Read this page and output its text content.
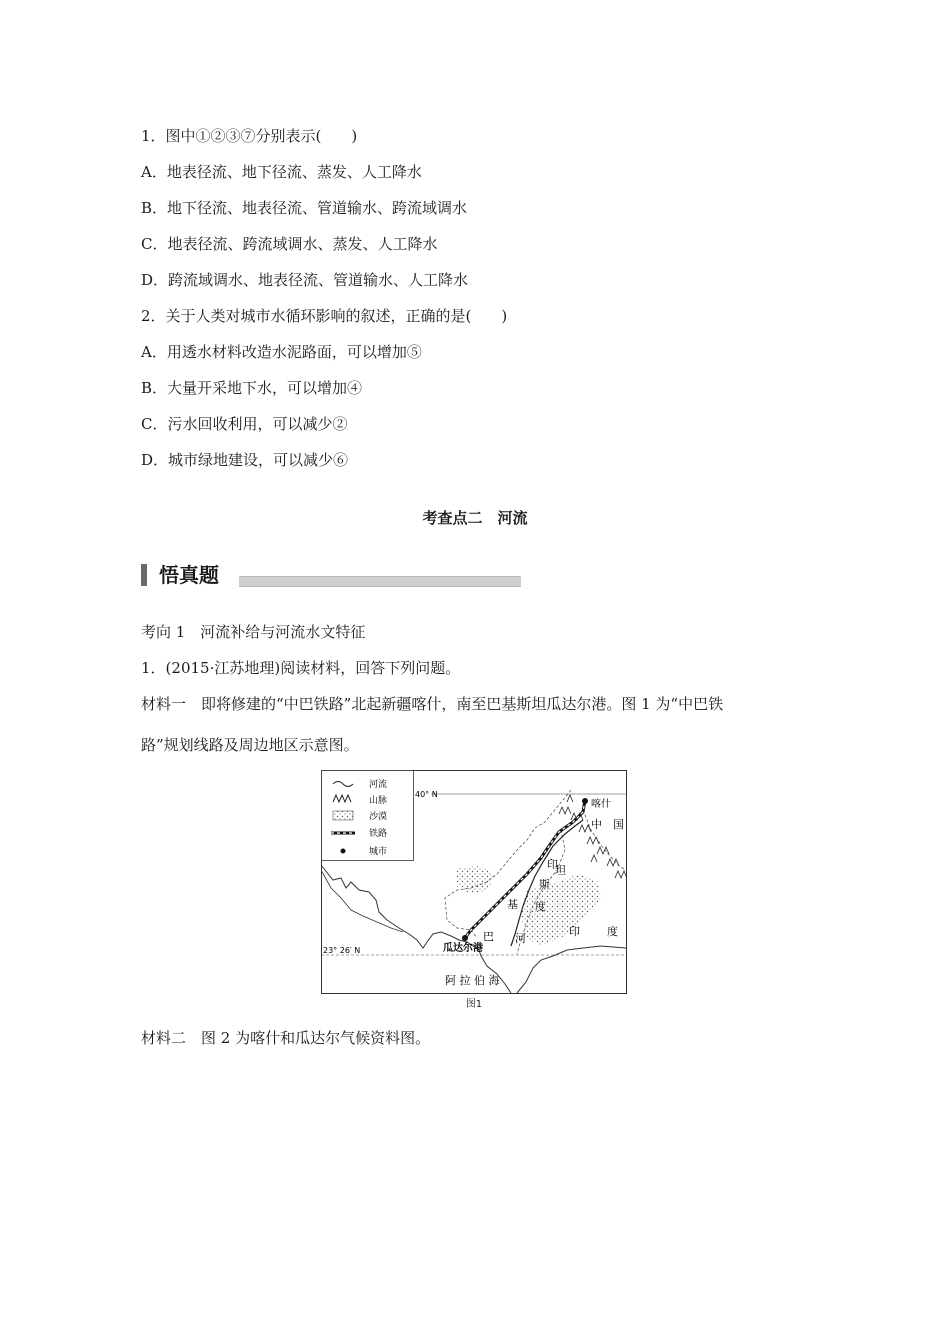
1．图中①②③⑦分别表示(　　)
A．地表径流、地下径流、蒸发、人工降水
B．地下径流、地表径流、管道输水、跨流域调水
C．地表径流、跨流域调水、蒸发、人工降水
D．跨流域调水、地表径流、管道输水、人工降水
2．关于人类对城市水循环影响的叙述，正确的是(　　)
A．用透水材料改造水泥路面，可以增加⑤
B．大量开采地下水，可以增加④
C．污水回收利用，可以减少②
D．城市绿地建设，可以减少⑥
考查点二　河流
悟真题
考向 1　河流补给与河流水文特征
1．(2015·江苏地理)阅读材料，回答下列问题。
材料一　即将修建的“中巴铁路”北起新疆喀什，南至巴基斯坦瓜达尔港。图 1 为“中巴铁
路”规划线路及周边地区示意图。
河流
山脉
沙漠
铁路
城市
40° N
23° 26′ N
喀什
瓜达尔港
中 国
巴
基
斯
坦
印 度
印
度
河
阿 拉 伯 海
图1
材料二　图 2 为喀什和瓜达尔气候资料图。
